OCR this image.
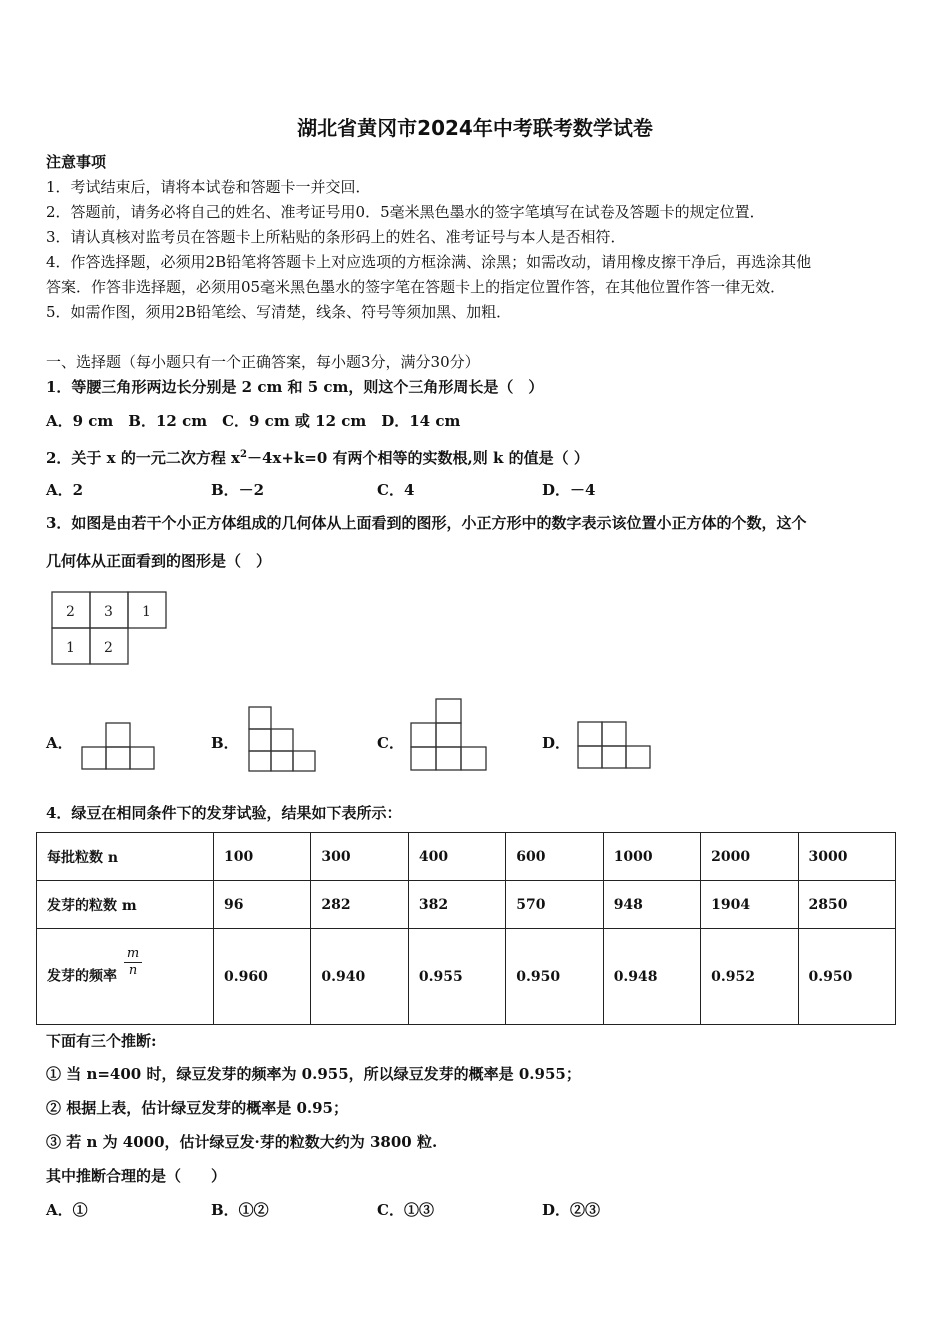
湖北省黄冈市2024年中考联考数学试卷
注意事项
1．考试结束后，请将本试卷和答题卡一并交回．
2．答题前，请务必将自己的姓名、准考证号用0．5毫米黑色墨水的签字笔填写在试卷及答题卡的规定位置．
3．请认真核对监考员在答题卡上所粘贴的条形码上的姓名、准考证号与本人是否相符．
4．作答选择题，必须用2B铅笔将答题卡上对应选项的方框涂满、涂黑；如需改动，请用橡皮擦干净后，再选涂其他
答案．作答非选择题，必须用05毫米黑色墨水的签字笔在答题卡上的指定位置作答，在其他位置作答一律无效．
5．如需作图，须用2B铅笔绘、写清楚，线条、符号等须加黑、加粗．
一、选择题（每小题只有一个正确答案，每小题3分，满分30分）
1．等腰三角形两边长分别是 2 cm 和 5 cm，则这个三角形周长是（　）
A．9 cm　B．12 cm　C．9 cm 或 12 cm　D．14 cm
2．关于 x 的一元二次方程 $x^2-4x+k=0$ 有两个相等的实数根,则 k 的值是（ ）
A．2	B．－2	C．4	D．－4
3．如图是由若干个小正方体组成的几何体从上面看到的图形，小正方形中的数字表示该位置小正方体的个数，这个
几何体从正面看到的图形是（　）
2 3 1
1 2
A．	B．	C．	D．
4．绿豆在相同条件下的发芽试验，结果如下表所示：
每批粒数 n	100	300	400	600	1000	2000	3000
发芽的粒数 m	96	282	382	570	948	1904	2850
发芽的频率 $\frac{m}{n}$	0.960	0.940	0.955	0.950	0.948	0.952	0.950
下面有三个推断:
① 当 n=400 时，绿豆发芽的频率为 0.955，所以绿豆发芽的概率是 0.955；
② 根据上表，估计绿豆发芽的概率是 0.95；
③ 若 n 为 4000，估计绿豆发·芽的粒数大约为 3800 粒.
其中推断合理的是（　　）
A．①	B．①②	C．①③	D．②③
